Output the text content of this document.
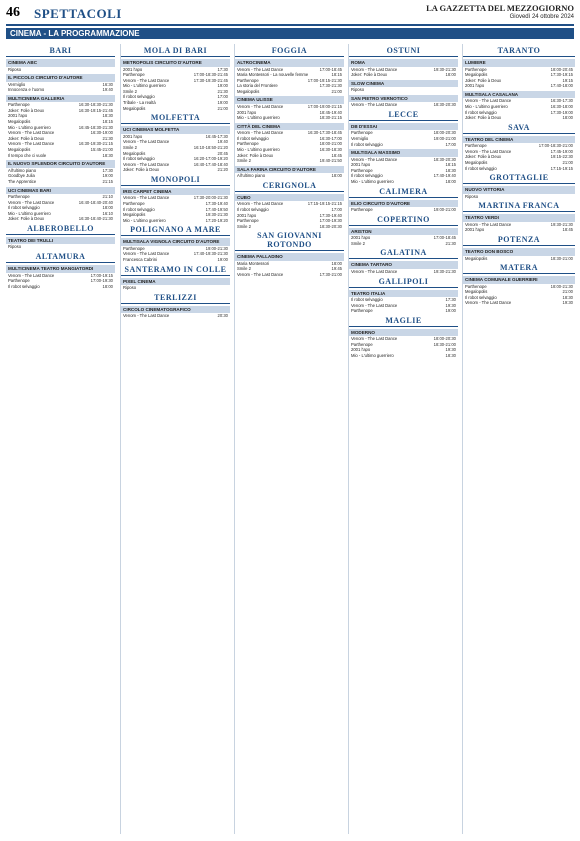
46 SPETTACOLI	LA GAZZETTA DEL MEZZOGIORNO
Giovedì 24 ottobre 2024
CINEMA - LA PROGRAMMAZIONE
BARI
CINEMA ABC
Riposo
IL PICCOLO CIRCUITO D'AUTORE
Vermiglio	16:30
Innocenza e l'uomo	19:40
MULTICINEMA GALLERIA
Parthenope	16:30-18:30-21:30
Joker: Folie à Deux	16:30-19:15-21:45
2001 l'apo	18:30
Megalopolis	18:15
Mio - L'ultimo guerriero	16:45-18:30-21:30
Venom - The Last Dance	16:30-19:00
Joker: Folie à Deux	21:30
Venom - The Last Dance	16:30-19:30-21:15
Megalopolis	15:45-21:00
Il tempo che ci vuole	18:30
IL NUOVO SPLENDOR CIRCUITO D'AUTORE
All'ultimo piano	17:30
Goodbye Julia	19:00
The Apprentice	21:15
UCI CINEMAS BARI
Parthenope	21:10
Venom - The Last Dance	16:40-18:40-20:40
Il robot selvaggio	18:00
Mio - L'ultimo guerriero	16:10
Joker: Folie à Deux	16:30-18:40-21:30
ALBEROBELLO
TEATRO DEI TRULLI
Riposo
ALTAMURA
MULTICINEMA TEATRO MANGIATORDI
Venom - The Last Dance	17:00-19:15
Parthenope	17:00-19:30
Il robot selvaggio	18:00
MOLA DI BARI
METROPOLIS CIRCUITO D'AUTORE
2001 l'apo	17:30
Parthenope	17:00-18:30-21:45
Venom - The Last Dance	17:30-19:30-21:45
Mio - L'ultimo guerriero	19:00
Smile 2	21:30
Il robot selvaggio	17:00
Tribale - La realtà	19:00
Megalopolis	21:00
MOLFETTA
UCI CINEMAS MOLFETTA
2001 l'apo	16:45-17:30
Venom - The Last Dance	19:40
Smile 2	16:10-18:50-21:20
Megalopolis	20:45
Il robot selvaggio	16:20-17:00-19:20
Venom - The Last Dance	16:40-17:40-18:40
Joker: Folie à Deux	21:20
MONOPOLI
IRIS CARPET CINEMA
Venom - The Last Dance	17:30-20:00-21:30
Parthenope	17:30-19:40
Il robot selvaggio	17:40-19:50
Megalopolis	19:30-21:30
Mio - L'ultimo guerriero	17:20-19:20
POLIGNANO A MARE
MULTISALA VIGNOLA CIRCUITO D'AUTORE
Parthenope	19:00-21:30
Venom - The Last Dance	17:40-19:30-21:30
Francesca Cabrini	19:00
SANTERAMO IN COLLE
PIXEL CINEMA
Riposo
TERLIZZI
CIRCOLO CINEMATOGRAFICO
Venom - The Last Dance	20:30
FOGGIA
ALTROCINEMA
Venom - The Last Dance	17:00-18:45
Maria Montessori - La nouvelle femme	18:15
Parthenope	17:00-19:15-21:30
La storia del Frontiere	17:30-21:30
Megalopolis	21:00
CINEMA ULISSE
Venom - The Last Dance	17:00-19:00-21:15
2001 l'apo	18:45-19:40
Mio - L'ultimo guerriero	18:30-21:15
CITTÀ DEL CINEMA
Venom - The Last Dance	16:30-17:30-18:45
Il robot selvaggio	16:30-17:00
Parthenope	18:00-21:00
Mio - L'ultimo guerriero	16:30-18:30
Joker: Folie à Deux	18:45
Smile 2	19:40-21:50
SALA FARINA CIRCUITO D'AUTORE
All'ultimo piano	18:00
CERIGNOLA
CUBO
Venom - The Last Dance	17:15-19:15-21:15
Il robot selvaggio	17:00
2001 l'apo	17:30-19:40
Parthenope	17:00-19:30
Smile 2	18:30-20:30
SAN GIOVANNI ROTONDO
CINEMA PALLADINO
Maria Montessori	18:00
Smile 2	19:45
Venom - The Last Dance	17:30-21:00
OSTUNI
ROMA
Venom - The Last Dance	19:30-21:30
Joker: Folie à Deux	18:00
SLOW CINEMA
Riposo
SAN PIETRO VERNOTICO
Venom - The Last Dance	18:30-20:30
LECCE
DB D'ESSAI
Parthenope	18:00-20:30
Vermiglio	19:00-21:00
Il robot selvaggio	17:00
MULTISALA MASSIMO
Venom - The Last Dance	18:30-20:30
2001 l'apo	18:15
Parthenope	18:30
Il robot selvaggio	17:40-19:40
Mio - L'ultimo guerriero	18:00
CALIMERA
ELIO CIRCUITO D'AUTORE
Parthenope	19:00-21:00
COPERTINO
ARISTON
2001 l'apo	17:00-18:45
Smile 2	21:30
GALATINA
CINEMA TARTARO
Venom - The Last Dance	19:30-21:30
GALLIPOLI
TEATRO ITALIA
Il robot selvaggio	17:30
Venom - The Last Dance	19:30
Parthenope	19:00
MAGLIE
MODERNO
Venom - The Last Dance	18:00-20:30
Parthenope	18:30-21:00
2001 l'apo	19:30
Mio - L'ultimo guerriero	18:30
TARANTO
LUMIERE
Parthenope	18:00-20:45
Megalopolis	17:30-19:15
Joker: Folie à Deux	19:15
2001 l'apo	17:40-18:00
MULTISALA CASALANA
Venom - The Last Dance	16:30-17:30
Mio - L'ultimo guerriero	16:30-18:00
Il robot selvaggio	17:30-19:00
Joker: Folie à Deux	18:00
SAVA
TEATRO DEL CINEMA
Parthenope	17:00-18:30-21:00
Venom - The Last Dance	17:45-19:00
Joker: Folie à Deux	19:15-22:30
Megalopolis	21:00
Il robot selvaggio	17:15-19:15
GROTTAGLIE
NUOVO VITTORIA
Riposo
MARTINA FRANCA
TEATRO VERDI
Venom - The Last Dance	19:30-21:30
2001 l'apo	18:45
POTENZA
TEATRO DON BOSCO
Megalopolis	18:30-21:00
MATERA
CINEMA COMUNALE GUERRIERI
Parthenope	18:00-21:30
Megalopolis	21:00
Il robot selvaggio	18:30
Venom - The Last Dance	19:30
